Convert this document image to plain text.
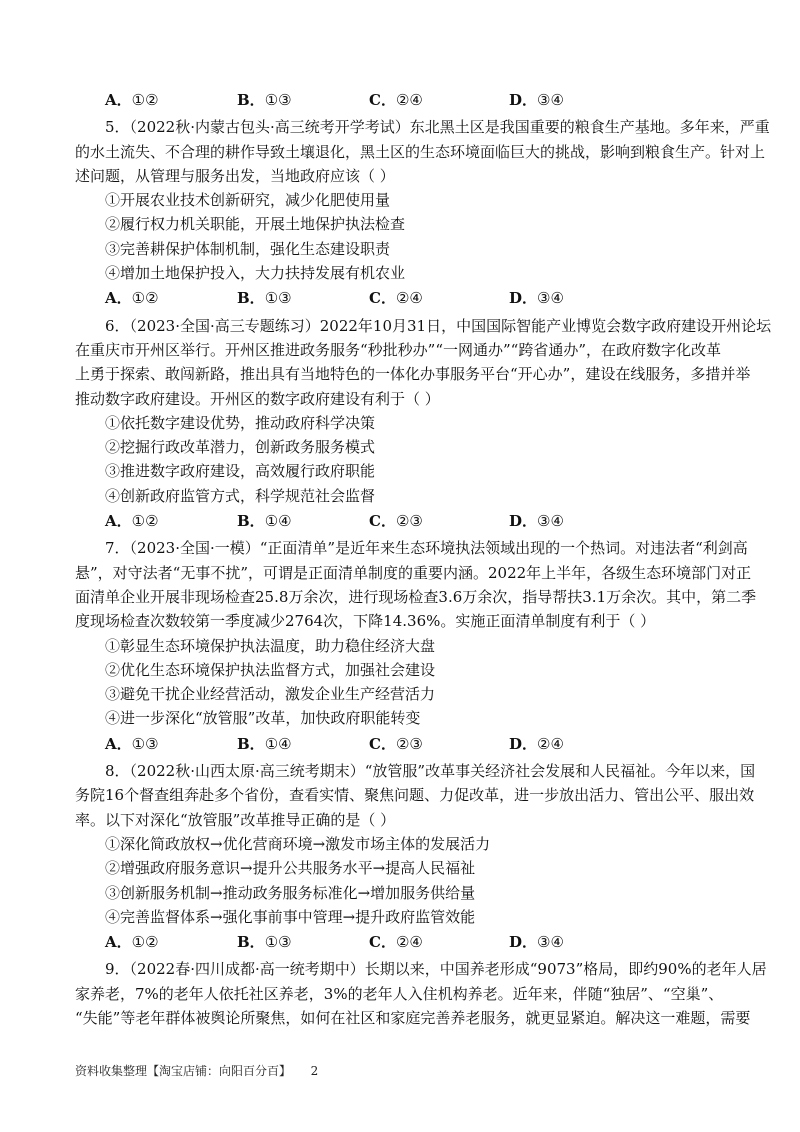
A．①②	B．①③	C．②④	D．③④
5．（2022秋·内蒙古包头·高三统考开学考试）东北黑土区是我国重要的粮食生产基地。多年来，严重
的水土流失、不合理的耕作导致土壤退化，黑土区的生态环境面临巨大的挑战，影响到粮食生产。针对上
述问题，从管理与服务出发，当地政府应该（ ）
①开展农业技术创新研究，减少化肥使用量
②履行权力机关职能，开展土地保护执法检查
③完善耕保护体制机制，强化生态建设职责
④增加土地保护投入，大力扶持发展有机农业
A．①②	B．①③	C．②④	D．③④
6．（2023·全国·高三专题练习）2022年10月31日，中国国际智能产业博览会数字政府建设开州论坛
在重庆市开州区举行。开州区推进政务服务“秒批秒办”“一网通办”“跨省通办”，在政府数字化改革
上勇于探索、敢闯新路，推出具有当地特色的一体化办事服务平台“开心办”，建设在线服务，多措并举
推动数字政府建设。开州区的数字政府建设有利于（ ）
①依托数字建设优势，推动政府科学决策
②挖掘行政改革潜力，创新政务服务模式
③推进数字政府建设，高效履行政府职能
④创新政府监管方式，科学规范社会监督
A．①②	B．①④	C．②③	D．③④
7．（2023·全国·一模）“正面清单”是近年来生态环境执法领域出现的一个热词。对违法者“利剑高
悬”，对守法者“无事不扰”，可谓是正面清单制度的重要内涵。2022年上半年，各级生态环境部门对正
面清单企业开展非现场检查25.8万余次，进行现场检查3.6万余次，指导帮扶3.1万余次。其中，第二季
度现场检查次数较第一季度减少2764次，下降14.36%。实施正面清单制度有利于（ ）
①彰显生态环境保护执法温度，助力稳住经济大盘
②优化生态环境保护执法监督方式，加强社会建设
③避免干扰企业经营活动，激发企业生产经营活力
④进一步深化“放管服”改革，加快政府职能转变
A．①③	B．①④	C．②③	D．②④
8．（2022秋·山西太原·高三统考期末）“放管服”改革事关经济社会发展和人民福祉。今年以来，国
务院16个督查组奔赴多个省份，查看实情、聚焦问题、力促改革，进一步放出活力、管出公平、服出效
率。以下对深化“放管服”改革推导正确的是（ ）
①深化简政放权→优化营商环境→激发市场主体的发展活力
②增强政府服务意识→提升公共服务水平→提高人民福祉
③创新服务机制→推动政务服务标准化→增加服务供给量
④完善监督体系→强化事前事中管理→提升政府监管效能
A．①②	B．①③	C．②④	D．③④
9．（2022春·四川成都·高一统考期中）长期以来，中国养老形成“9073”格局，即约90%的老年人居
家养老，7%的老年人依托社区养老，3%的老年人入住机构养老。近年来，伴随“独居”、“空巢”、
“失能”等老年群体被舆论所聚焦，如何在社区和家庭完善养老服务，就更显紧迫。解决这一难题，需要
资料收集整理【淘宝店铺：向阳百分百】 2
